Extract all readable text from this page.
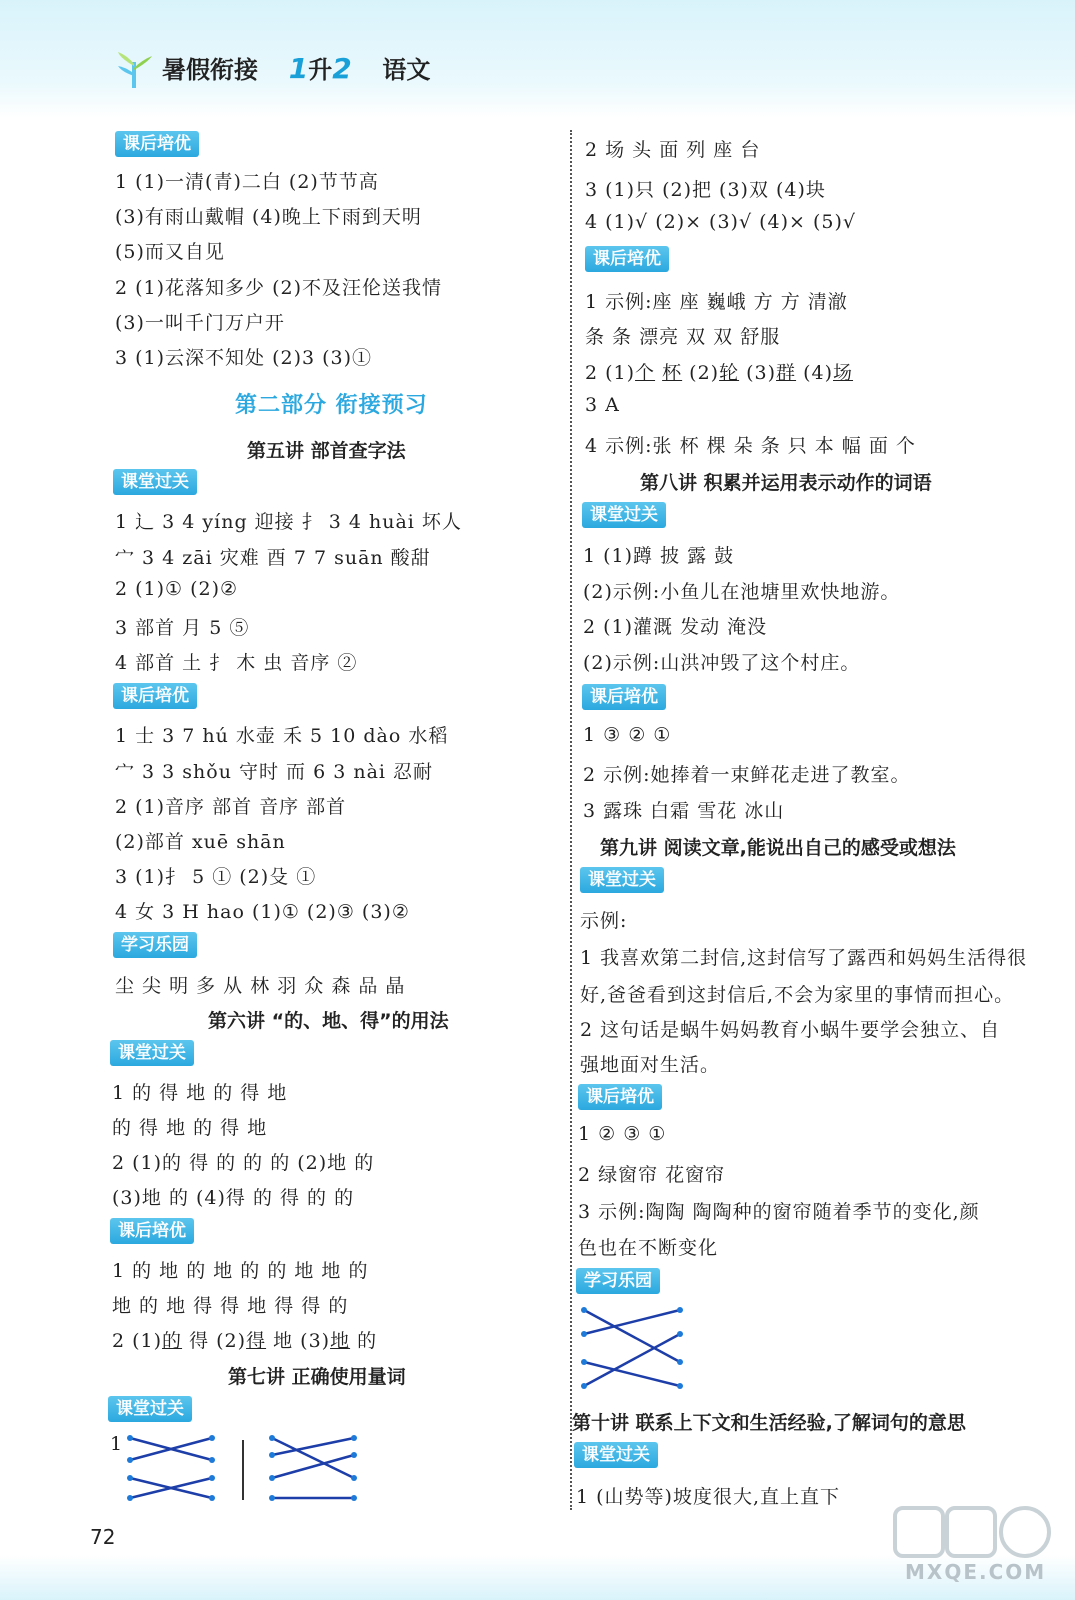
暑假衔接 1升2 语文
课后培优
1 (1)一清(青)二白 (2)节节高
(3)有雨山戴帽 (4)晚上下雨到天明
(5)而又自见
2 (1)花落知多少 (2)不及汪伦送我情
(3)一叫千门万户开
3 (1)云深不知处 (2)3 (3)①
第二部分 衔接预习
第五讲 部首查字法
课堂过关
1 辶 3 4 yíng 迎接 扌 3 4 huài 坏人
宀 3 4 zāi 灾难 酉 7 7 suān 酸甜
2 (1)① (2)②
3 部首 月 5 ⑤
4 部首 土 扌 木 虫 音序 ②
课后培优
1 士 3 7 hú 水壶 禾 5 10 dào 水稻
宀 3 3 shǒu 守时 而 6 3 nài 忍耐
2 (1)音序 部首 音序 部首
(2)部首 xuē shān
3 (1)扌 5 ① (2)殳 ①
4 女 3 H hao (1)① (2)③ (3)②
学习乐园
尘 尖 明 多 从 林 羽 众 森 品 晶
第六讲 “的、地、得”的用法
课堂过关
1 的 得 地 的 得 地
的 得 地 的 得 地
2 (1)的 得 的 的 的 (2)地 的
(3)地 的 (4)得 的 得 的 的
课后培优
1 的 地 的 地 的 的 地 地 的
地 的 地 得 得 地 得 得 的
2 (1)的 得 (2)得 地 (3)地 的
第七讲 正确使用量词
课堂过关
1
2 场 头 面 列 座 台
3 (1)只 (2)把 (3)双 (4)块
4 (1)√ (2)× (3)√ (4)× (5)√
课后培优
1 示例:座 座 巍峨 方 方 清澈
条 条 漂亮 双 双 舒服
2 (1)个 杯 (2)轮 (3)群 (4)场
3 A
4 示例:张 杯 棵 朵 条 只 本 幅 面 个
第八讲 积累并运用表示动作的词语
课堂过关
1 (1)蹲 披 露 鼓
(2)示例:小鱼儿在池塘里欢快地游。
2 (1)灌溉 发动 淹没
(2)示例:山洪冲毁了这个村庄。
课后培优
1 ③ ② ①
2 示例:她捧着一束鲜花走进了教室。
3 露珠 白霜 雪花 冰山
第九讲 阅读文章,能说出自己的感受或想法
课堂过关
示例:
1 我喜欢第二封信,这封信写了露西和妈妈生活得很
好,爸爸看到这封信后,不会为家里的事情而担心。
2 这句话是蜗牛妈妈教育小蜗牛要学会独立、自
强地面对生活。
课后培优
1 ② ③ ①
2 绿窗帘 花窗帘
3 示例:陶陶 陶陶种的窗帘随着季节的变化,颜
色也在不断变化
学习乐园
第十讲 联系上下文和生活经验,了解词句的意思
课堂过关
1 (山势等)坡度很大,直上直下
72
MXQE.COM
